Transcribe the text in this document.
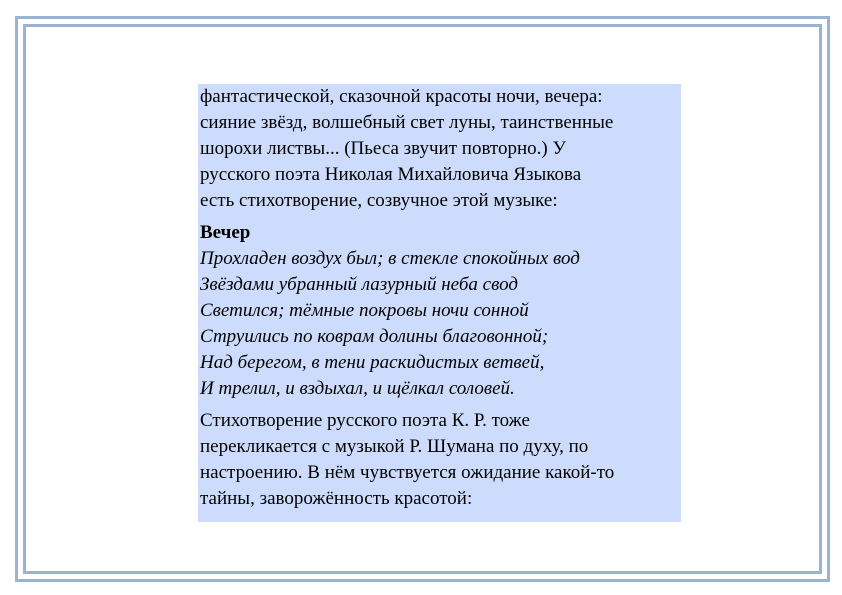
фантастической, сказочной красоты ночи, вечера:
сияние звёзд, волшебный свет луны, таинственные
шорохи листвы... (Пьеса звучит повторно.) У
русского поэта Николая Михайловича Языкова
есть стихотворение, созвучное этой музыке:
Вечер
Прохладен воздух был; в стекле спокойных вод
Звёздами убранный лазурный неба свод
Светился; тёмные покровы ночи сонной
Струились по коврам долины благовонной;
Над берегом, в тени раскидистых ветвей,
И трелил, и вздыхал, и щёлкал соловей.
Стихотворение русского поэта К. Р. тоже
перекликается с музыкой Р. Шумана по духу, по
настроению. В нём чувствуется ожидание какой-то
тайны, заворожённость красотой:
